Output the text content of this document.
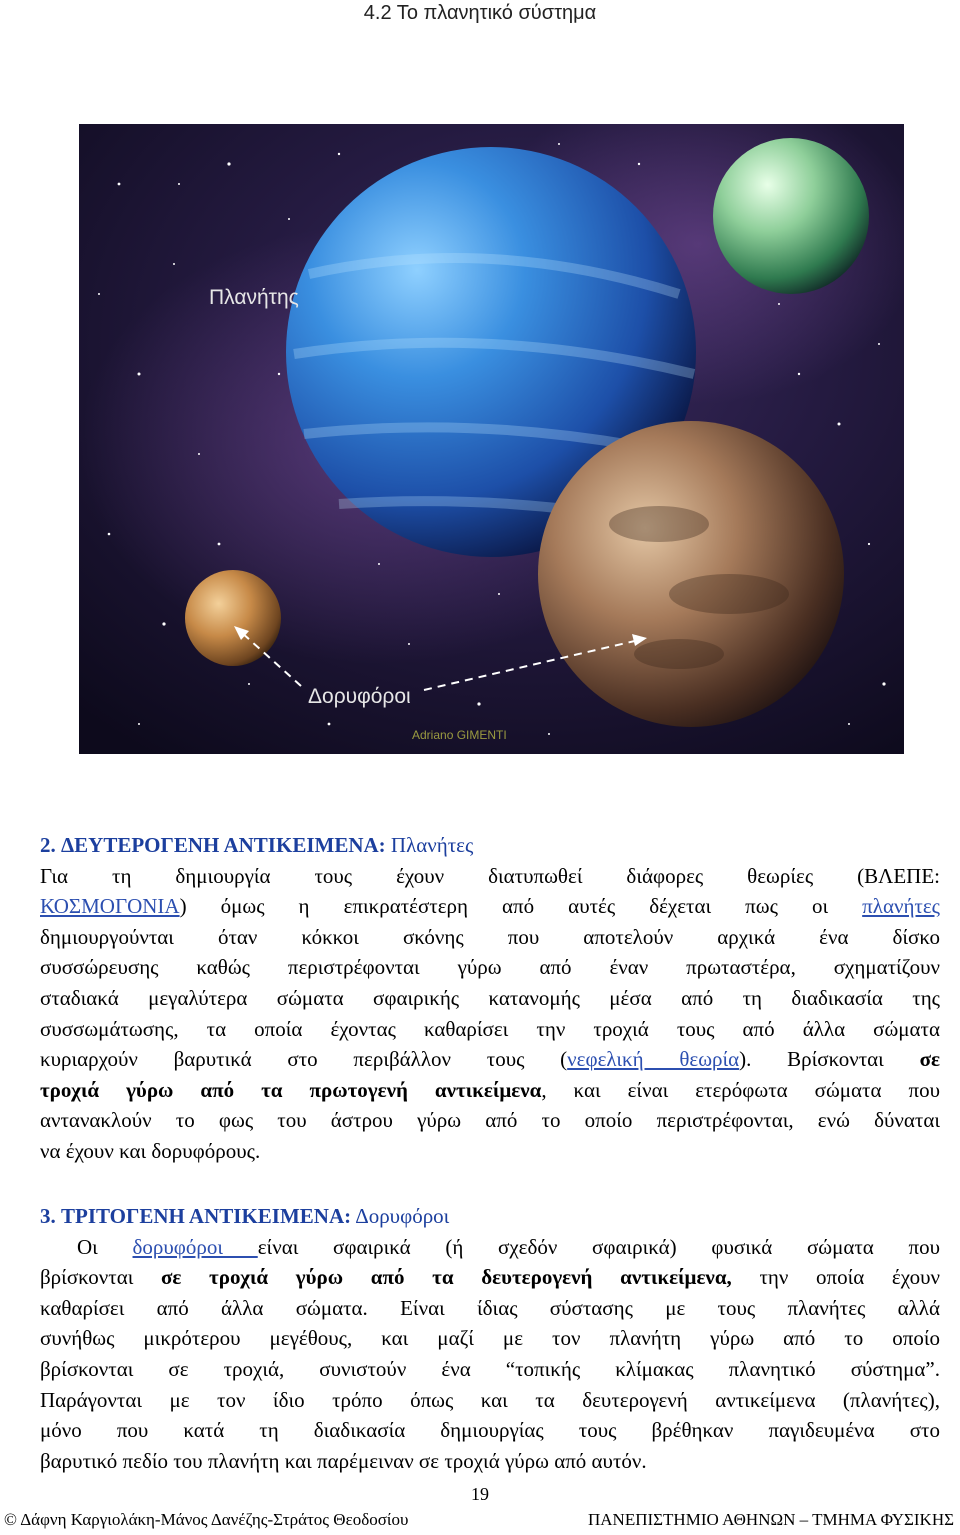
4.2 Το πλανητικό σύστημα
Πλανήτης
Δορυφόροι
Adriano GIMENTI
2. ΔΕΥΤΕΡΟΓΕΝΗ ΑΝΤΙΚΕΙΜΕΝΑ: Πλανήτες
Για τη δημιουργία τους έχουν διατυπωθεί διάφορες θεωρίες (ΒΛΕΠΕ:
ΚΟΣΜΟΓΟΝΙΑ) όμως η επικρατέστερη από αυτές δέχεται πως οι πλανήτες
δημιουργούνται όταν κόκκοι σκόνης που αποτελούν αρχικά ένα δίσκο
συσσώρευσης καθώς περιστρέφονται γύρω από έναν πρωταστέρα, σχηματίζουν
σταδιακά μεγαλύτερα σώματα σφαιρικής κατανομής μέσα από τη διαδικασία της
συσσωμάτωσης, τα οποία έχοντας καθαρίσει την τροχιά τους από άλλα σώματα
κυριαρχούν βαρυτικά στο περιβάλλον τους (νεφελική θεωρία). Βρίσκονται σε
τροχιά γύρω από τα πρωτογενή αντικείμενα, και είναι ετερόφωτα σώματα που
αντανακλούν το φως του άστρου γύρω από το οποίο περιστρέφονται, ενώ δύναται
να έχουν και δορυφόρους.
3. ΤΡΙΤΟΓΕΝΗ ΑΝΤΙΚΕΙΜΕΝΑ: Δορυφόροι
Οι δορυφόροι είναι σφαιρικά (ή σχεδόν σφαιρικά) φυσικά σώματα που
βρίσκονται σε τροχιά γύρω από τα δευτερογενή αντικείμενα, την οποία έχουν
καθαρίσει από άλλα σώματα. Είναι ίδιας σύστασης με τους πλανήτες αλλά
συνήθως μικρότερου μεγέθους, και μαζί με τον πλανήτη γύρω από το οποίο
βρίσκονται σε τροχιά, συνιστούν ένα “τοπικής κλίμακας πλανητικό σύστημα”.
Παράγονται με τον ίδιο τρόπο όπως και τα δευτερογενή αντικείμενα (πλανήτες),
μόνο που κατά τη διαδικασία δημιουργίας τους βρέθηκαν παγιδευμένα στο
βαρυτικό πεδίο του πλανήτη και παρέμειναν σε τροχιά γύρω από αυτόν.
19
© Δάφνη Καργιολάκη-Μάνος Δανέζης-Στράτος Θεοδοσίου	ΠΑΝΕΠΙΣΤΗΜΙΟ ΑΘΗΝΩΝ – ΤΜΗΜΑ ΦΥΣΙΚΗΣ
